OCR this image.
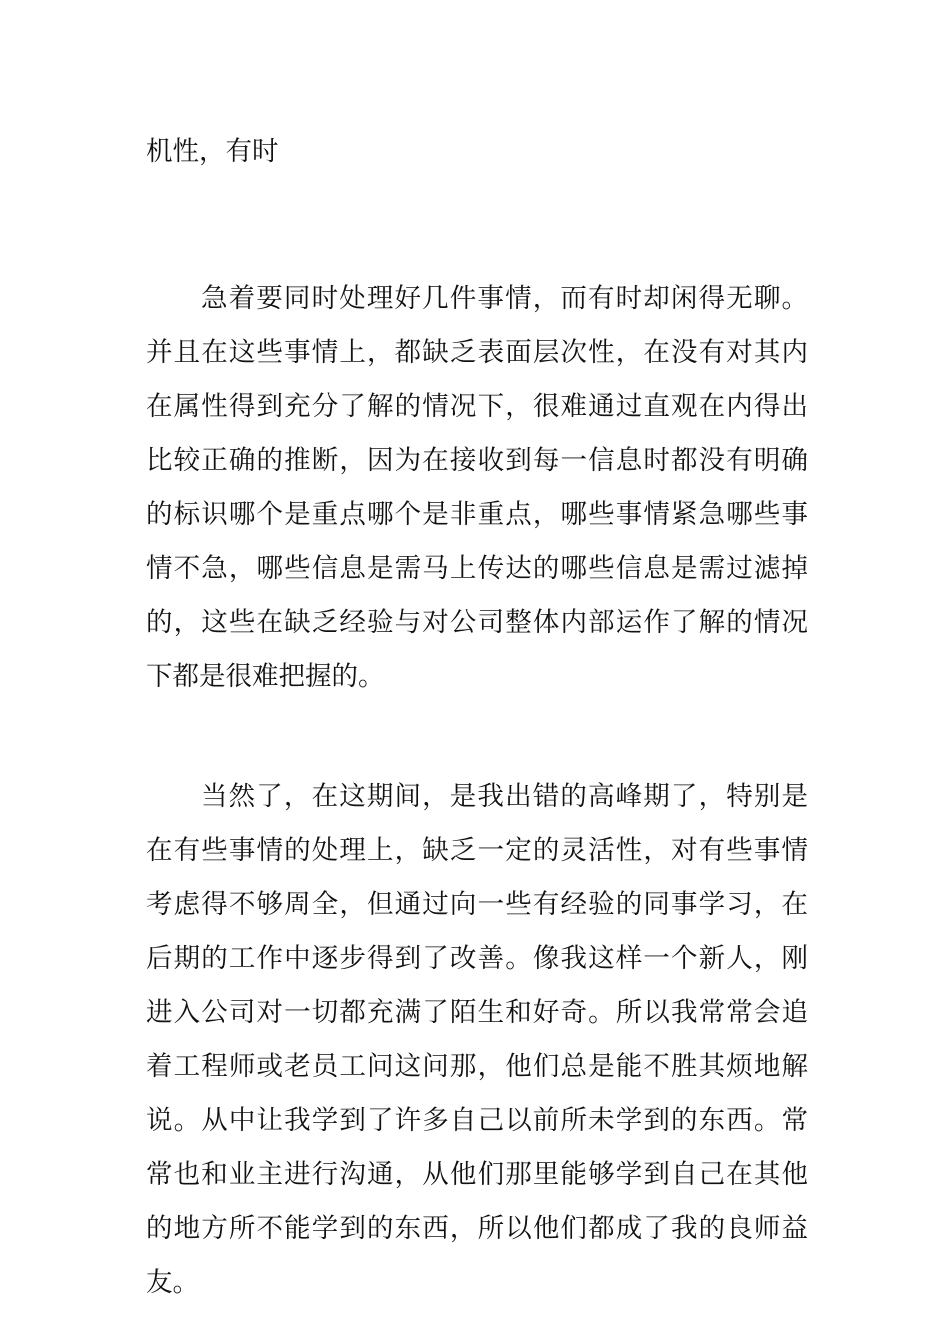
机性，有时

急着要同时处理好几件事情，而有时却闲得无聊。并且在这些事情上，都缺乏表面层次性，在没有对其内在属性得到充分了解的情况下，很难通过直观在内得出比较正确的推断，因为在接收到每一信息时都没有明确的标识哪个是重点哪个是非重点，哪些事情紧急哪些事情不急，哪些信息是需马上传达的哪些信息是需过滤掉的，这些在缺乏经验与对公司整体内部运作了解的情况下都是很难把握的。

当然了，在这期间，是我出错的高峰期了，特别是在有些事情的处理上，缺乏一定的灵活性，对有些事情考虑得不够周全，但通过向一些有经验的同事学习，在后期的工作中逐步得到了改善。像我这样一个新人，刚进入公司对一切都充满了陌生和好奇。所以我常常会追着工程师或老员工问这问那，他们总是能不胜其烦地解说。从中让我学到了许多自己以前所未学到的东西。常常也和业主进行沟通，从他们那里能够学到自己在其他的地方所不能学到的东西，所以他们都成了我的良师益友。
